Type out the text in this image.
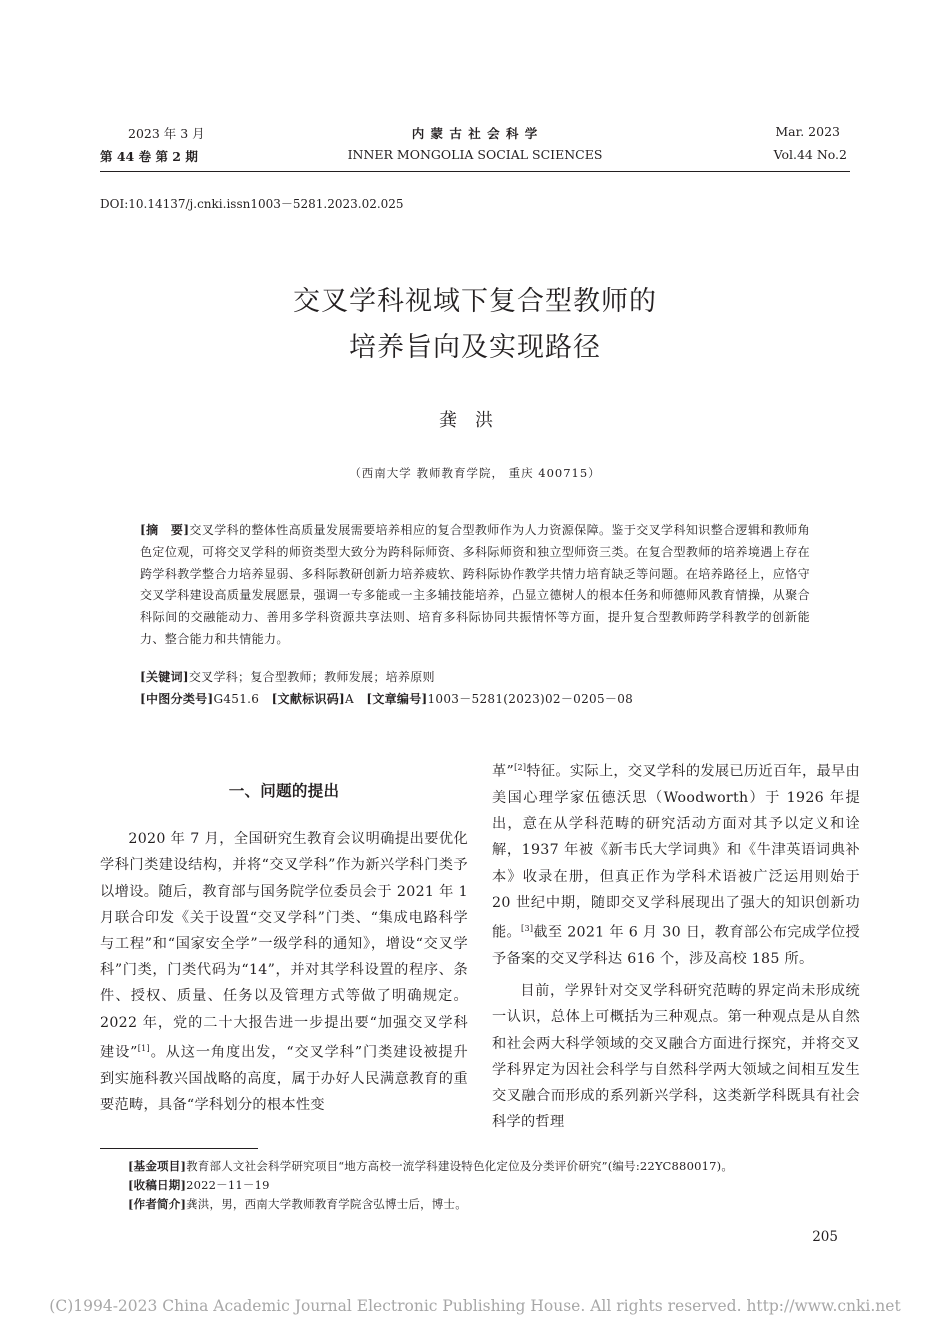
2023 年 3 月
第 44 卷 第 2 期
内 蒙 古 社 会 科 学
INNER MONGOLIA SOCIAL SCIENCES
Mar. 2023
Vol.44 No.2
DOI:10.14137/j.cnki.issn1003－5281.2023.02.025
交叉学科视域下复合型教师的
培养旨向及实现路径
龚洪
（西南大学 教师教育学院， 重庆 400715）
[摘　要]交叉学科的整体性高质量发展需要培养相应的复合型教师作为人力资源保障。鉴于交叉学科知识整合逻辑和教师角色定位观，可将交叉学科的师资类型大致分为跨科际师资、多科际师资和独立型师资三类。在复合型教师的培养境遇上存在跨学科教学整合力培养显弱、多科际教研创新力培养疲软、跨科际协作教学共情力培育缺乏等问题。在培养路径上，应恪守交叉学科建设高质量发展愿景，强调一专多能或一主多辅技能培养，凸显立德树人的根本任务和师德师风教育情操，从聚合科际间的交融能动力、善用多学科资源共享法则、培育多科际协同共振情怀等方面，提升复合型教师跨学科教学的创新能力、整合能力和共情能力。
[关键词]交叉学科；复合型教师；教师发展；培养原则
[中图分类号]G451.6 [文献标识码]A [文章编号]1003－5281(2023)02－0205－08
一、问题的提出

2020 年 7 月，全国研究生教育会议明确提出要优化学科门类建设结构，并将“交叉学科”作为新兴学科门类予以增设。随后，教育部与国务院学位委员会于 2021 年 1 月联合印发《关于设置“交叉学科”门类、“集成电路科学与工程”和“国家安全学”一级学科的通知》，增设“交叉学科”门类，门类代码为“14”，并对其学科设置的程序、条件、授权、质量、任务以及管理方式等做了明确规定。2022 年，党的二十大报告进一步提出要“加强交叉学科建设”[1]。从这一角度出发，“交叉学科”门类建设被提升到实施科教兴国战略的高度，属于办好人民满意教育的重要范畴，具备“学科划分的根本性变

革”[2]特征。实际上，交叉学科的发展已历近百年，最早由美国心理学家伍德沃思（Woodworth）于 1926 年提出，意在从学科范畴的研究活动方面对其予以定义和诠解，1937 年被《新韦氏大学词典》和《牛津英语词典补本》收录在册，但真正作为学科术语被广泛运用则始于 20 世纪中期，随即交叉学科展现出了强大的知识创新功能。[3]截至 2021 年 6 月 30 日，教育部公布完成学位授予备案的交叉学科达 616 个，涉及高校 185 所。

目前，学界针对交叉学科研究范畴的界定尚未形成统一认识，总体上可概括为三种观点。第一种观点是从自然和社会两大科学领域的交叉融合方面进行探究，并将交叉学科界定为因社会科学与自然科学两大领域之间相互发生交叉融合而形成的系列新兴学科，这类新学科既具有社会科学的哲理

[基金项目]教育部人文社会科学研究项目“地方高校一流学科建设特色化定位及分类评价研究”(编号:22YC880017)。
[收稿日期]2022－11－19
[作者简介]龚洪，男，西南大学教师教育学院含弘博士后，博士。
205
(C)1994-2023 China Academic Journal Electronic Publishing House. All rights reserved. http://www.cnki.net
